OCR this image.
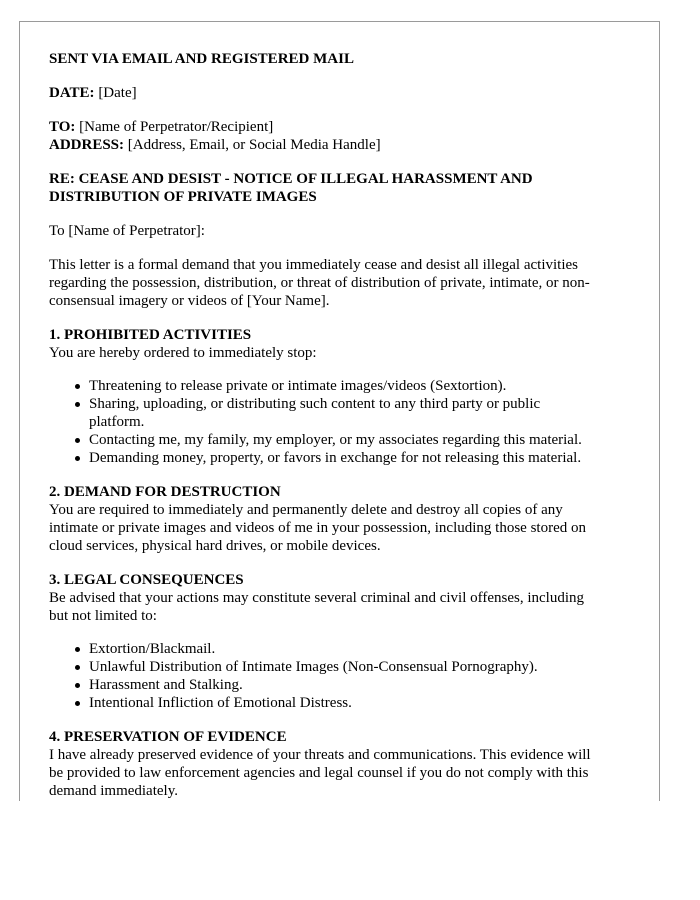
SENT VIA EMAIL AND REGISTERED MAIL

DATE: [Date]

TO: [Name of Perpetrator/Recipient]

ADDRESS: [Address, Email, or Social Media Handle]

RE: CEASE AND DESIST - NOTICE OF ILLEGAL HARASSMENT AND
DISTRIBUTION OF PRIVATE IMAGES

To [Name of Perpetrator]:

This letter is a formal demand that you immediately cease and desist all illegal activities
regarding the possession, distribution, or threat of distribution of private, intimate, or non-
consensual imagery or videos of [Your Name].

1. PROHIBITED ACTIVITIES
You are hereby ordered to immediately stop:
Threatening to release private or intimate images/videos (Sextortion).
Sharing, uploading, or distributing such content to any third party or public
platform.
Contacting me, my family, my employer, or my associates regarding this material.
Demanding money, property, or favors in exchange for not releasing this material.
2. DEMAND FOR DESTRUCTION
You are required to immediately and permanently delete and destroy all copies of any
intimate or private images and videos of me in your possession, including those stored on
cloud services, physical hard drives, or mobile devices.
3. LEGAL CONSEQUENCES
Be advised that your actions may constitute several criminal and civil offenses, including
but not limited to:
Extortion/Blackmail.
Unlawful Distribution of Intimate Images (Non-Consensual Pornography).
Harassment and Stalking.
Intentional Infliction of Emotional Distress.
4. PRESERVATION OF EVIDENCE
I have already preserved evidence of your threats and communications. This evidence will
be provided to law enforcement agencies and legal counsel if you do not comply with this
demand immediately.
